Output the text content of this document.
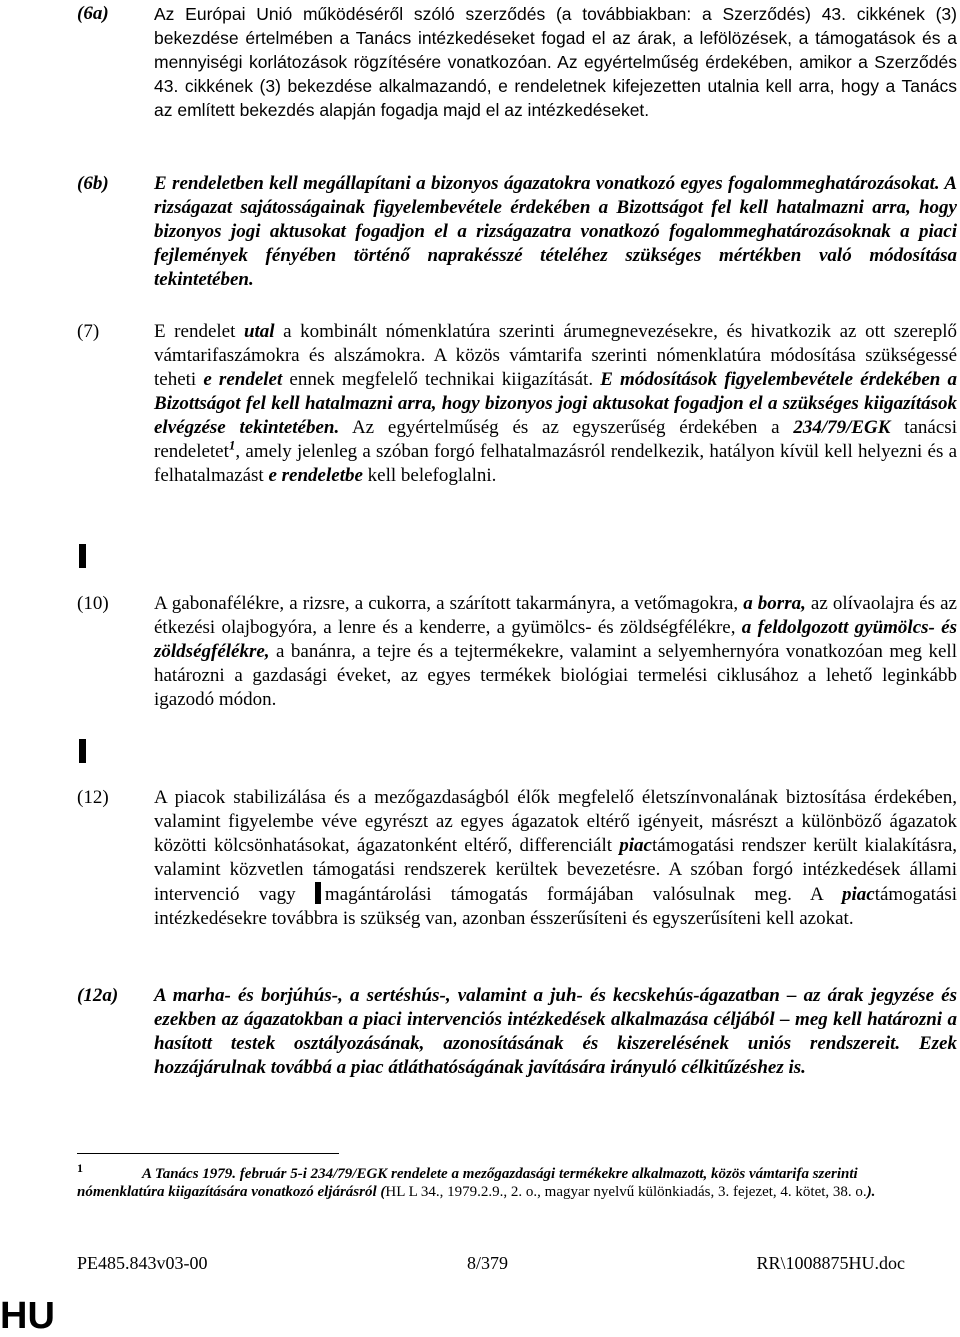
(6a)	Az Európai Unió működéséről szóló szerződés (a továbbiakban: a Szerződés) 43. cikkének (3) bekezdése értelmében a Tanács intézkedéseket fogad el az árak, a lefölözések, a támogatások és a mennyiségi korlátozások rögzítésére vonatkozóan. Az egyértelműség érdekében, amikor a Szerződés 43. cikkének (3) bekezdése alkalmazandó, e rendeletnek kifejezetten utalnia kell arra, hogy a Tanács az említett bekezdés alapján fogadja majd el az intézkedéseket.
(6b) E rendeletben kell megállapítani a bizonyos ágazatokra vonatkozó egyes fogalommeghatározásokat. A rizságazat sajátosságainak figyelembevétele érdekében a Bizottságot fel kell hatalmazni arra, hogy bizonyos jogi aktusokat fogadjon el a rizságazatra vonatkozó fogalommeghatározásoknak a piaci fejlemények fényében történő naprakésszé tételéhez szükséges mértékben való módosítása tekintetében.
(7)	E rendelet utal a kombinált nómenklatúra szerinti árumegnevezésekre, és hivatkozik az ott szereplő vámtarifaszámokra és alszámokra. A közös vámtarifa szerinti nómenklatúra módosítása szükségessé teheti e rendelet ennek megfelelő technikai kiigazítását. E módosítások figyelembevétele érdekében a Bizottságot fel kell hatalmazni arra, hogy bizonyos jogi aktusokat fogadjon el a szükséges kiigazítások elvégzése tekintetében. Az egyértelműség és az egyszerűség érdekében a 234/79/EGK tanácsi rendeletet$^1$, amely jelenleg a szóban forgó felhatalmazásról rendelkezik, hatályon kívül kell helyezni és a felhatalmazást e rendeletbe kell belefoglalni.
(10) A gabonafélékre, a rizsre, a cukorra, a szárított takarmányra, a vetőmagokra, a borra, az olívaolajra és az étkezési olajbogyóra, a lenre és a kenderre, a gyümölcs- és zöldségfélékre, a feldolgozott gyümölcs- és zöldségfélékre, a banánra, a tejre és a tejtermékekre, valamint a selyemhernyóra vonatkozóan meg kell határozni a gazdasági éveket, az egyes termékek biológiai termelési ciklusához a lehető leginkább igazodó módon.
(12) A piacok stabilizálása és a mezőgazdaságból élők megfelelő életszínvonalának biztosítása érdekében, valamint figyelembe véve egyrészt az egyes ágazatok eltérő igényeit, másrészt a különböző ágazatok közötti kölcsönhatásokat, ágazatonként eltérő, differenciált piactámogatási rendszer került kialakításra, valamint közvetlen támogatási rendszerek kerültek bevezetésre. A szóban forgó intézkedések állami intervenció vagy magántárolási támogatás formájában valósulnak meg. A piactámogatási intézkedésekre továbbra is szükség van, azonban ésszerűsíteni és egyszerűsíteni kell azokat.
(12a) A marha- és borjúhús-, a sertéshús-, valamint a juh- és kecskehús-ágazatban – az árak jegyzése és ezekben az ágazatokban a piaci intervenciós intézkedések alkalmazása céljából – meg kell határozni a hasított testek osztályozásának, azonosításának és kiszerelésének uniós rendszereit. Ezek hozzájárulnak továbbá a piac átláthatóságának javítására irányuló célkitűzéshez is.
1	A Tanács 1979. február 5-i 234/79/EGK rendelete a mezőgazdasági termékekre alkalmazott, közös vámtarifa szerinti nómenklatúra kiigazítására vonatkozó eljárásról (HL L 34., 1979.2.9., 2. o., magyar nyelvű különkiadás, 3. fejezet, 4. kötet, 38. o.).
PE485.843v03-00	8/379	RR\1008875HU.doc
HU
